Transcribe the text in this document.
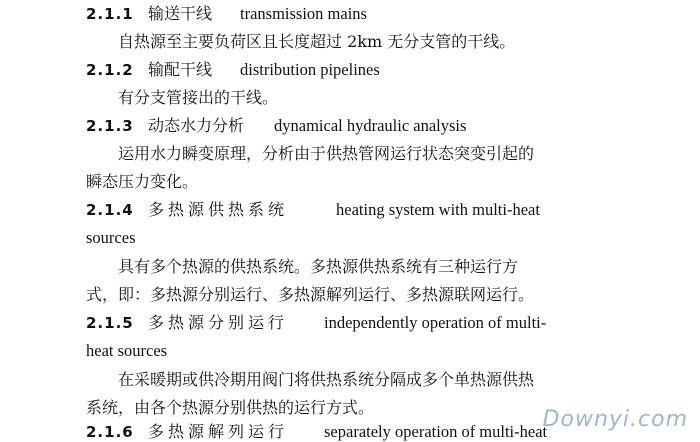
2.1.1 输送干线 transmission mains
自热源至主要负荷区且长度超过 2km 无分支管的干线。
2.1.2 输配干线 distribution pipelines
有分支管接出的干线。
2.1.3 动态水力分析 dynamical hydraulic analysis
运用水力瞬变原理，分析由于供热管网运行状态突变引起的
瞬态压力变化。
2.1.4 多热源供热系统	heating system with multi-heat
sources
具有多个热源的供热系统。多热源供热系统有三种运行方
式，即：多热源分别运行、多热源解列运行、多热源联网运行。
2.1.5 多热源分别运行 independently operation of multi-
heat sources
在采暖期或供冷期用阀门将供热系统分隔成多个单热源供热
系统，由各个热源分别供热的运行方式。
2.1.6 多热源解列运行 separately operation of multi-heat
Downyi.com
